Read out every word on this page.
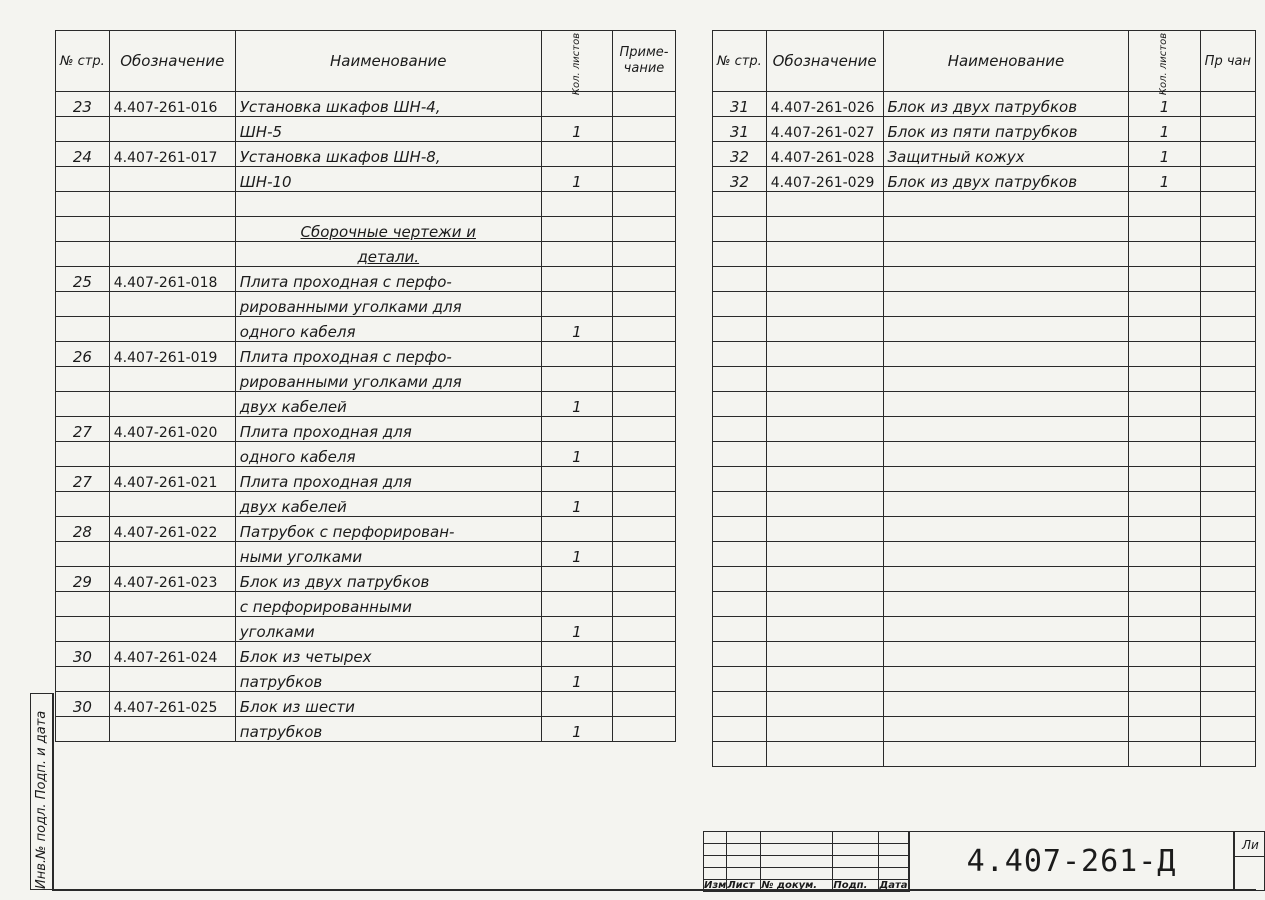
№ стр.	Обозначение	Наименование	Кол. листов	Приме-чание
23	4.407-261-016	Установка шкафов ШН-4,		
		ШН-5	1	
24	4.407-261-017	Установка шкафов ШН-8,		
		ШН-10	1	

		Сборочные чертежи и		
		детали.		
25	4.407-261-018	Плита проходная с перфо-		
		рированными уголками для		
		одного кабеля	1	
26	4.407-261-019	Плита проходная с перфо-		
		рированными уголками для		
		двух кабелей	1	
27	4.407-261-020	Плита проходная для		
		одного кабеля	1	
27	4.407-261-021	Плита проходная для		
		двух кабелей	1	
28	4.407-261-022	Патрубок с перфорирован-		
		ными уголками	1	
29	4.407-261-023	Блок из двух патрубков		
		с перфорированными		
		уголками	1	
30	4.407-261-024	Блок из четырех		
		патрубков	1	
30	4.407-261-025	Блок из шести		
		патрубков	1	
№ стр.	Обозначение	Наименование	Кол. листов	Пр чан
31	4.407-261-026	Блок из двух патрубков	1	
31	4.407-261-027	Блок из пяти патрубков	1	
32	4.407-261-028	Защитный кожух	1	
32	4.407-261-029	Блок из двух патрубков	1	

Инв.№ подл. Подп. и дата

					Изм	Лист	№ докум.	Подп.	Дата
4.407-261-Д	Ли
